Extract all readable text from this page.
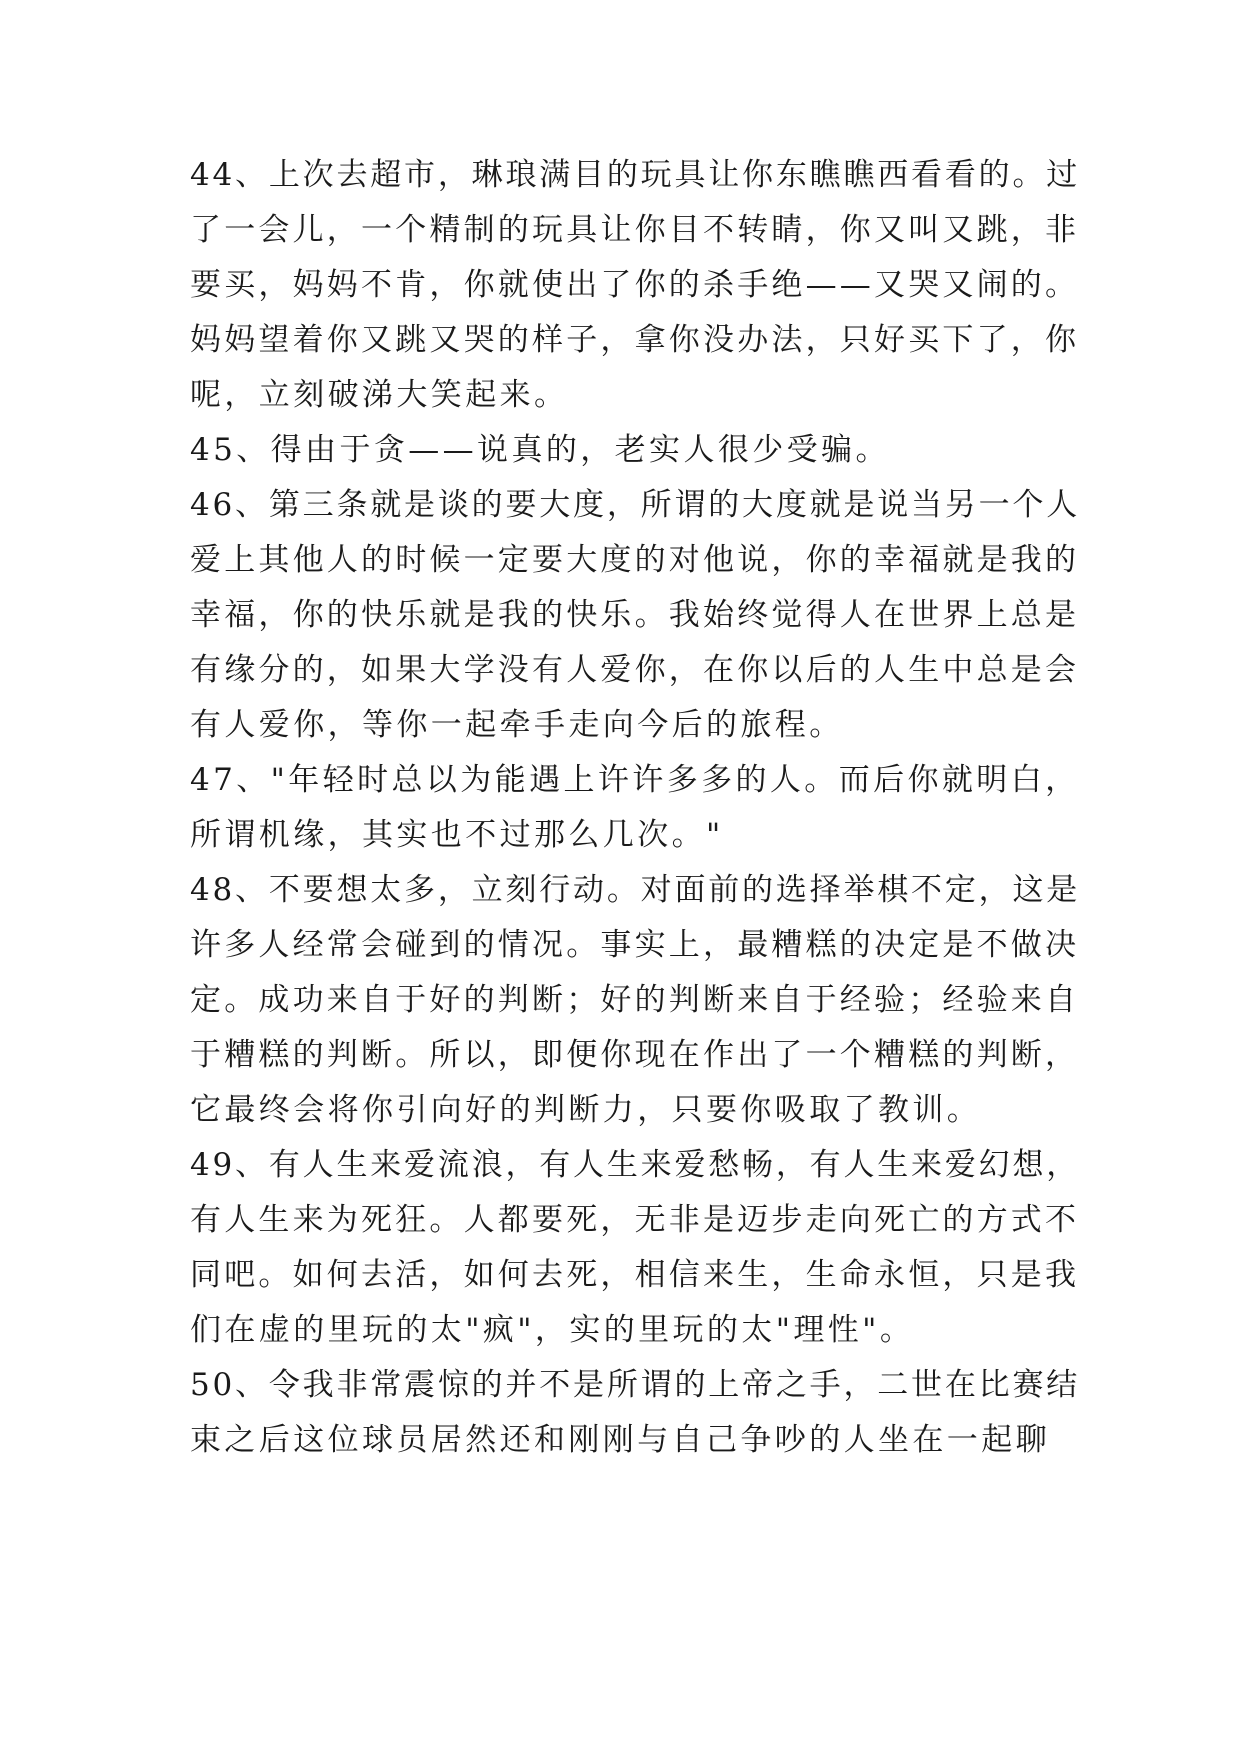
44、上次去超市，琳琅满目的玩具让你东瞧瞧西看看的。过
了一会儿，一个精制的玩具让你目不转睛，你又叫又跳，非
要买，妈妈不肯，你就使出了你的杀手绝——又哭又闹的。
妈妈望着你又跳又哭的样子，拿你没办法，只好买下了，你
呢，立刻破涕大笑起来。
45、得由于贪——说真的，老实人很少受骗。
46、第三条就是谈的要大度，所谓的大度就是说当另一个人
爱上其他人的时候一定要大度的对他说，你的幸福就是我的
幸福，你的快乐就是我的快乐。我始终觉得人在世界上总是
有缘分的，如果大学没有人爱你，在你以后的人生中总是会
有人爱你，等你一起牵手走向今后的旅程。
47、"年轻时总以为能遇上许许多多的人。而后你就明白，
所谓机缘，其实也不过那么几次。"
48、不要想太多，立刻行动。对面前的选择举棋不定，这是
许多人经常会碰到的情况。事实上，最糟糕的决定是不做决
定。成功来自于好的判断；好的判断来自于经验；经验来自
于糟糕的判断。所以，即便你现在作出了一个糟糕的判断，
它最终会将你引向好的判断力，只要你吸取了教训。
49、有人生来爱流浪，有人生来爱愁畅，有人生来爱幻想，
有人生来为死狂。人都要死，无非是迈步走向死亡的方式不
同吧。如何去活，如何去死，相信来生，生命永恒，只是我
们在虚的里玩的太"疯"，实的里玩的太"理性"。
50、令我非常震惊的并不是所谓的上帝之手，二世在比赛结
束之后这位球员居然还和刚刚与自己争吵的人坐在一起聊
